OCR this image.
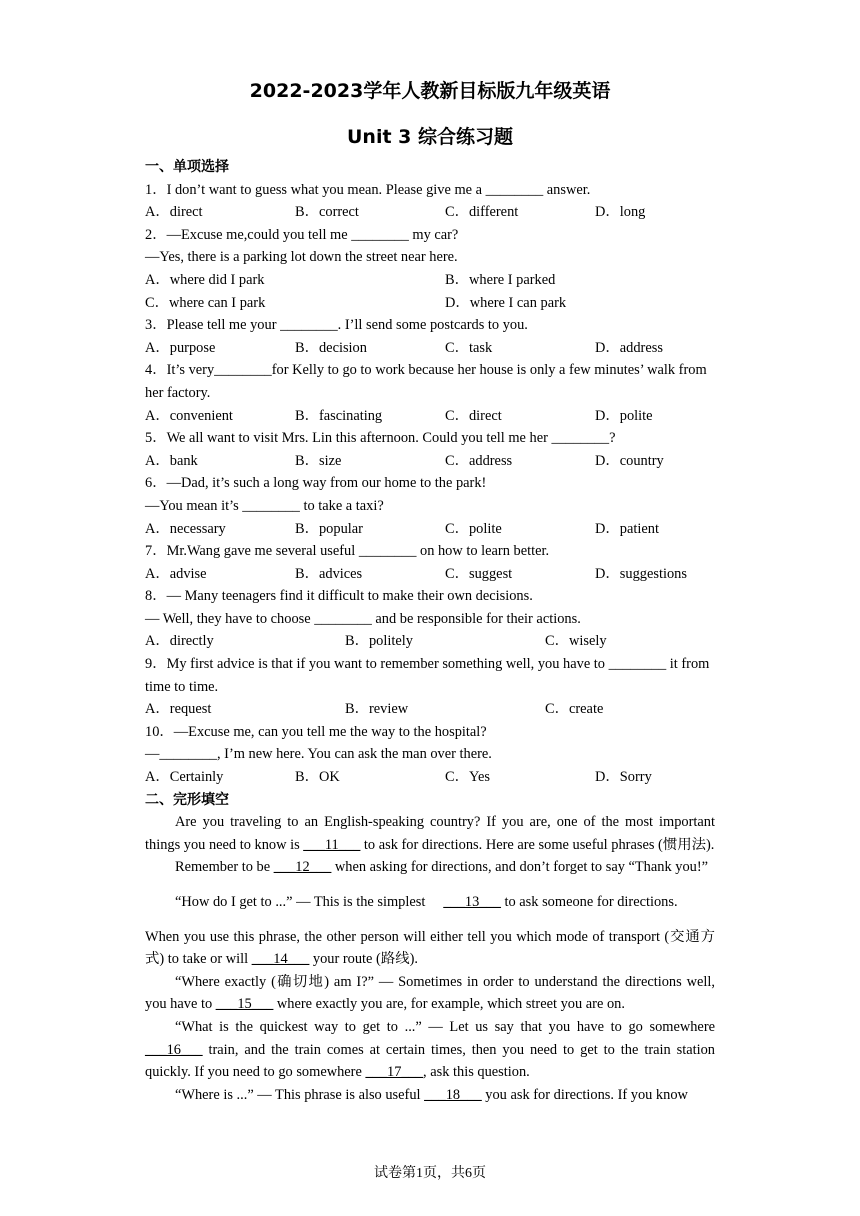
2022-2023学年人教新目标版九年级英语
Unit 3 综合练习题
一、单项选择
1．I don’t want to guess what you mean. Please give me a ________ answer.
A．direct	B．correct	C．different	D．long
2．—Excuse me,could you tell me ________ my car?
—Yes, there is a parking lot down the street near here.
A．where did I park	B．where I parked
C．where can I park	D．where I can park
3．Please tell me your ________. I’ll send some postcards to you.
A．purpose	B．decision	C．task	D．address
4．It’s very________for Kelly to go to work because her house is only a few minutes’ walk from her factory.
A．convenient	B．fascinating	C．direct	D．polite
5．We all want to visit Mrs. Lin this afternoon. Could you tell me her ________?
A．bank	B．size	C．address	D．country
6．—Dad, it’s such a long way from our home to the park!
—You mean it’s ________ to take a taxi?
A．necessary	B．popular	C．polite	D．patient
7．Mr.Wang gave me several useful ________ on how to learn better.
A．advise	B．advices	C．suggest	D．suggestions
8．— Many teenagers find it difficult to make their own decisions.
— Well, they have to choose ________ and be responsible for their actions.
A．directly	B．politely	C．wisely
9．My first advice is that if you want to remember something well, you have to ________ it from time to time.
A．request	B．review	C．create
10．—Excuse me, can you tell me the way to the hospital?
—________, I’m new here. You can ask the man over there.
A．Certainly	B．OK	C．Yes	D．Sorry
二、完形填空
Are you traveling to an English-speaking country? If you are, one of the most important things you need to know is ___11___ to ask for directions. Here are some useful phrases (惯用法).
Remember to be ___12___ when asking for directions, and don’t forget to say “Thank you!”
“How do I get to ...” — This is the simplest     ___13___ to ask someone for directions.
When you use this phrase, the other person will either tell you which mode of transport (交通方式) to take or will ___14___ your route (路线).
“Where exactly (确切地) am I?” — Sometimes in order to understand the directions well, you have to ___15___ where exactly you are, for example, which street you are on.
“What is the quickest way to get to ...” — Let us say that you have to go somewhere ___16___ train, and the train comes at certain times, then you need to get to the train station quickly. If you need to go somewhere ___17___, ask this question.
“Where is ...” — This phrase is also useful ___18___ you ask for directions. If you know
试卷第1页，共6页
